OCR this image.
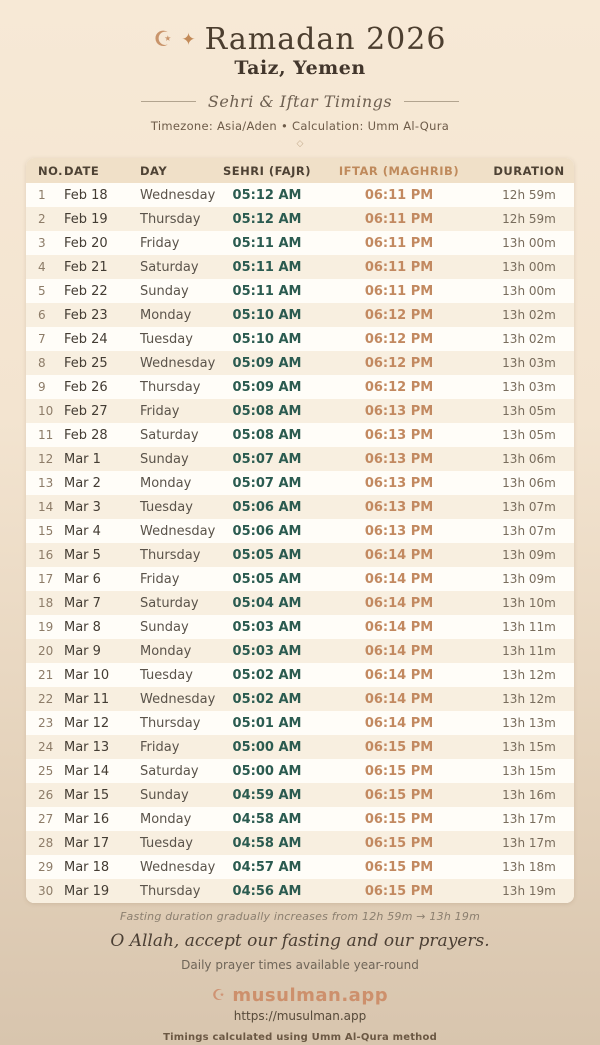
☪ ✦ Ramadan 2026
Taiz, Yemen
Sehri & Iftar Timings
Timezone: Asia/Aden • Calculation: Umm Al-Qura
◇
NO. DATE	DAY	SEHRI (FAJR)	IFTAR (MAGHRIB)	DURATION
1	Feb 18	Wednesday	05:12 AM	06:11 PM	12h 59m
2	Feb 19	Thursday	05:12 AM	06:11 PM	12h 59m
3	Feb 20	Friday	05:11 AM	06:11 PM	13h 00m
4	Feb 21	Saturday	05:11 AM	06:11 PM	13h 00m
5	Feb 22	Sunday	05:11 AM	06:11 PM	13h 00m
6	Feb 23	Monday	05:10 AM	06:12 PM	13h 02m
7	Feb 24	Tuesday	05:10 AM	06:12 PM	13h 02m
8	Feb 25	Wednesday	05:09 AM	06:12 PM	13h 03m
9	Feb 26	Thursday	05:09 AM	06:12 PM	13h 03m
10 Feb 27	Friday	05:08 AM	06:13 PM	13h 05m
11 Feb 28	Saturday	05:08 AM	06:13 PM	13h 05m
12 Mar 1	Sunday	05:07 AM	06:13 PM	13h 06m
13 Mar 2	Monday	05:07 AM	06:13 PM	13h 06m
14 Mar 3	Tuesday	05:06 AM	06:13 PM	13h 07m
15 Mar 4	Wednesday	05:06 AM	06:13 PM	13h 07m
16 Mar 5	Thursday	05:05 AM	06:14 PM	13h 09m
17 Mar 6	Friday	05:05 AM	06:14 PM	13h 09m
18 Mar 7	Saturday	05:04 AM	06:14 PM	13h 10m
19 Mar 8	Sunday	05:03 AM	06:14 PM	13h 11m
20 Mar 9	Monday	05:03 AM	06:14 PM	13h 11m
21 Mar 10	Tuesday	05:02 AM	06:14 PM	13h 12m
22 Mar 11	Wednesday	05:02 AM	06:14 PM	13h 12m
23 Mar 12	Thursday	05:01 AM	06:14 PM	13h 13m
24 Mar 13	Friday	05:00 AM	06:15 PM	13h 15m
25 Mar 14	Saturday	05:00 AM	06:15 PM	13h 15m
26 Mar 15	Sunday	04:59 AM	06:15 PM	13h 16m
27 Mar 16	Monday	04:58 AM	06:15 PM	13h 17m
28 Mar 17	Tuesday	04:58 AM	06:15 PM	13h 17m
29 Mar 18	Wednesday	04:57 AM	06:15 PM	13h 18m
30 Mar 19	Thursday	04:56 AM	06:15 PM	13h 19m
Fasting duration gradually increases from 12h 59m → 13h 19m
O Allah, accept our fasting and our prayers.
Daily prayer times available year-round
☪ musulman.app
https://musulman.app
Timings calculated using Umm Al-Qura method
